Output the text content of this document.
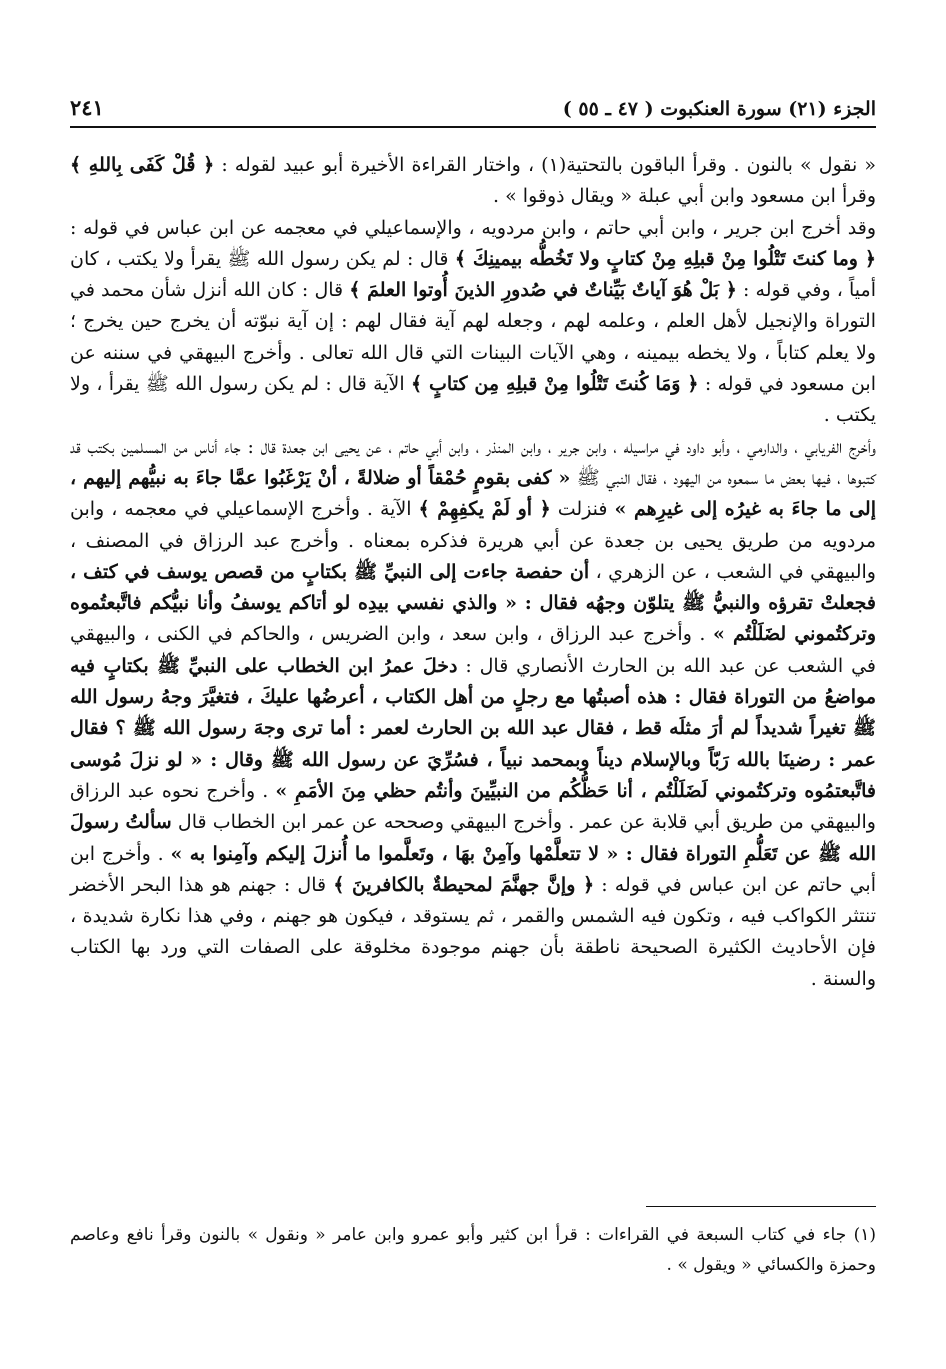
الجزء (٢١) سورة العنكبوت ( ٤٧ ـ ٥٥ )
٢٤١

« نقول » بالنون . وقرأ الباقون بالتحتية(١) ، واختار القراءة الأخيرة أبو عبيد لقوله : ﴿ قُلْ كَفَى بِاللهِ ﴾ وقرأ ابن مسعود وابن أبي عبلة « ويقال ذوقوا » .

وقد أخرج ابن جرير ، وابن أبي حاتم ، وابن مردويه ، والإسماعيلي في معجمه عن ابن عباس في قوله : ﴿ وما كنتَ تَتْلُوا مِنْ قبلِهِ مِنْ كتابٍ ولا تَخُطُّه بيمينِكَ ﴾ قال : لم يكن رسول الله ﷺ يقرأ ولا يكتب ، كان أمياً ، وفي قوله : ﴿ بَلْ هُوَ آياتٌ بَيِّناتٌ في صُدورِ الذينَ أُوتوا العلمَ ﴾ قال : كان الله أنزل شأن محمد في التوراة والإنجيل لأهل العلم ، وعلمه لهم ، وجعله لهم آية فقال لهم : إن آية نبوّته أن يخرج حين يخرج ؛ ولا يعلم كتاباً ، ولا يخطه بيمينه ، وهي الآيات البينات التي قال الله تعالى . وأخرج البيهقي في سننه عن ابن مسعود في قوله : ﴿ وَمَا كُنتَ تَتْلُوا مِنْ قبلِهِ مِن كتابٍ ﴾ الآية قال : لم يكن رسول الله ﷺ يقرأ ، ولا يكتب .

وأخرج الفريابي ، والدارمي ، وأبو داود في مراسيله ، وابن جرير ، وابن المنذر ، وابن أبي حاتم ، عن يحيى ابن جعدة قال : جاء أناس من المسلمين بكتب قد كتبوها ، فيها بعض ما سمعوه من اليهود ، فقال النبي ﷺ « كفى بقومٍ حُمْقاً أو ضلالةً ، أنْ يَرْغَبُوا عمَّا جاءَ به نبيُّهم إليهم ، إلى ما جاءَ به غيرُه إلى غيرِهم » فنزلت ﴿ أو لَمْ يكفِهِمْ ﴾ الآية . وأخرج الإسماعيلي في معجمه ، وابن مردويه من طريق يحيى بن جعدة عن أبي هريرة فذكره بمعناه . وأخرج عبد الرزاق في المصنف ، والبيهقي في الشعب ، عن الزهري ، أن حفصة جاءت إلى النبيِّ ﷺ بكتابٍ من قصص يوسف في كتف ، فجعلتْ تقرؤه والنبيُّ ﷺ يتلوّن وجهُه فقال : « والذي نفسي بيدِه لو أتاكم يوسفُ وأنا نبيُّكم فاتَّبعتُموه وتركتُموني لضَلَلْتُم » . وأخرج عبد الرزاق ، وابن سعد ، وابن الضريس ، والحاكم في الكنى ، والبيهقي في الشعب عن عبد الله بن الحارث الأنصاري قال : دخلَ عمرُ ابن الخطاب على النبيِّ ﷺ بكتابٍ فيه مواضعُ من التوراة فقال : هذه أصبتُها مع رجلٍ من أهل الكتاب ، أعرضُها عليكَ ، فتغيَّرَ وجهُ رسول الله ﷺ تغيراً شديداً لم أرَ مثلَه قط ، فقال عبد الله بن الحارث لعمر : أما ترى وجهَ رسول الله ﷺ ؟ فقال عمر : رضينَا بالله رَبّاً وبالإسلام ديناً وبمحمد نبياً ، فسُرِّيَ عن رسول الله ﷺ وقال : « لو نزلَ مُوسى فاتَّبعتمُوه وتركتُموني لَضَلَلْتُم ، أنا حَظُّكُم من النبيِّينَ وأنتُم حظي مِنَ الأمَمِ » . وأخرج نحوه عبد الرزاق والبيهقي من طريق أبي قلابة عن عمر . وأخرج البيهقي وصححه عن عمر ابن الخطاب قال سألتُ رسولَ الله ﷺ عن تَعَلُّمِ التوراة فقال : « لا تتعلَّمْها وآمِنْ بهَا ، وتَعلَّموا ما أُنزلَ إليكم وآمِنوا به » . وأخرج ابن أبي حاتم عن ابن عباس في قوله : ﴿ وإنَّ جهنَّمَ لمحيطةٌ بالكافرينَ ﴾ قال : جهنم هو هذا البحر الأخضر تنتثر الكواكب فيه ، وتكون فيه الشمس والقمر ، ثم يستوقد ، فيكون هو جهنم ، وفي هذا نكارة شديدة ، فإن الأحاديث الكثيرة الصحيحة ناطقة بأن جهنم موجودة مخلوقة على الصفات التي ورد بها الكتاب والسنة .

(١) جاء في كتاب السبعة في القراءات : قرأ ابن كثير وأبو عمرو وابن عامر « ونقول » بالنون وقرأ نافع وعاصم وحمزة والكسائي « ويقول » .
